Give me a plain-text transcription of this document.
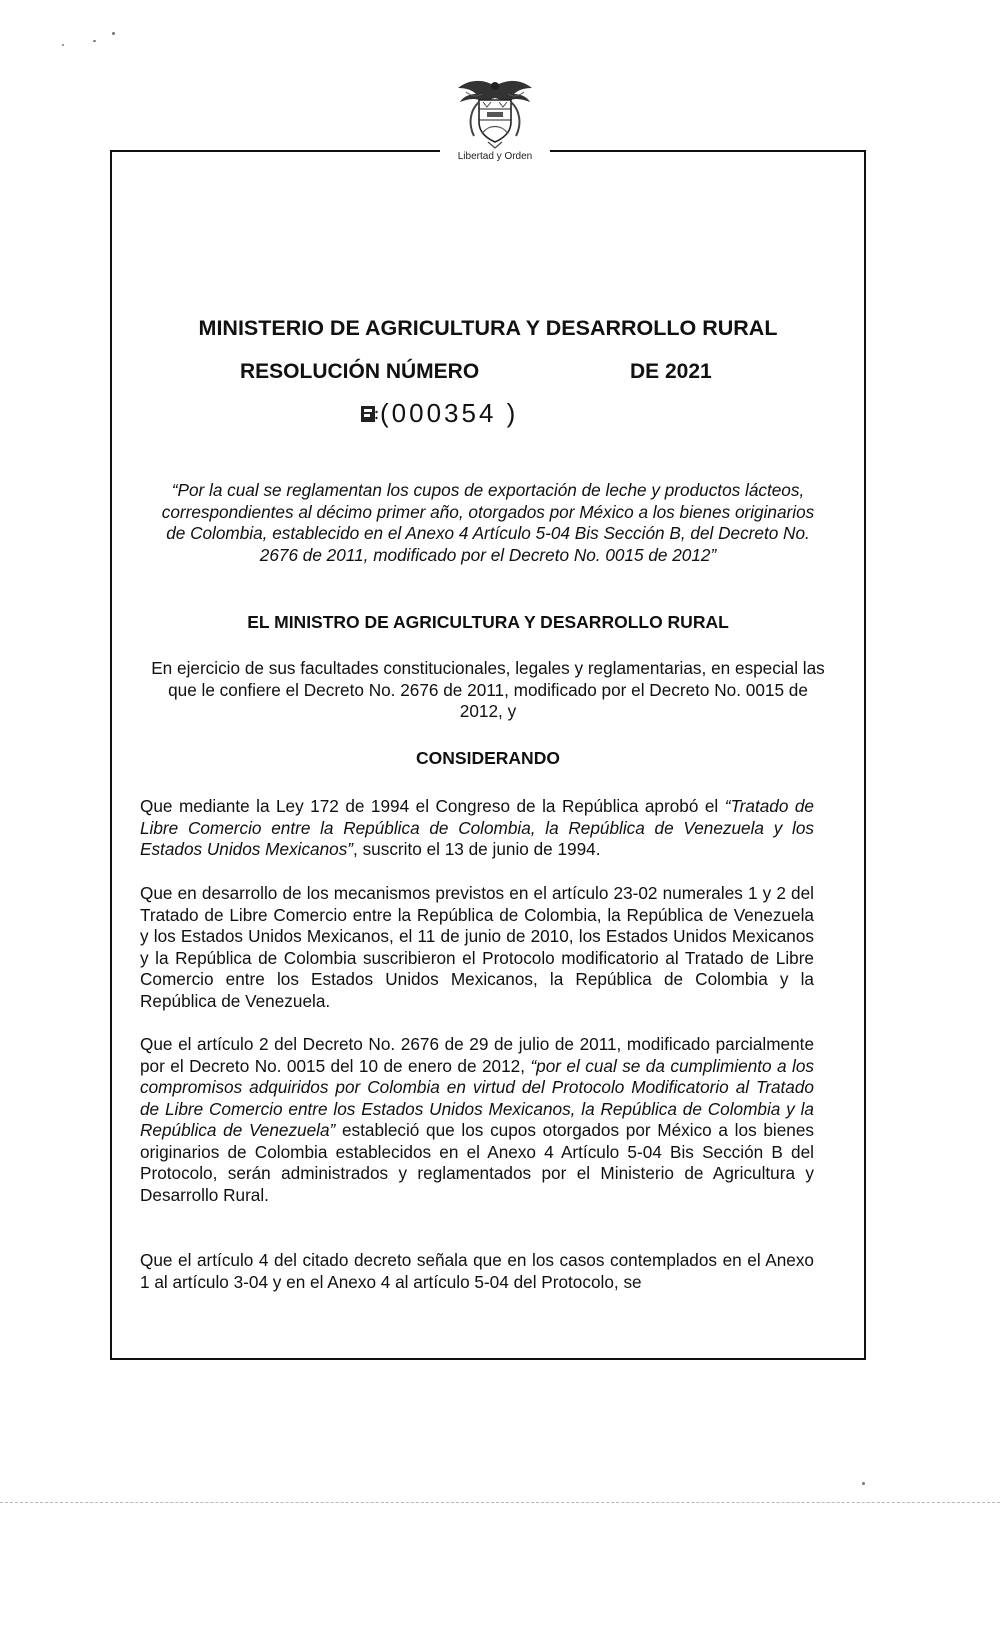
Libertad y Orden
MINISTERIO DE AGRICULTURA Y DESARROLLO RURAL
RESOLUCIÓN NÚMERO	DE 2021
(000354 )
“Por la cual se reglamentan los cupos de exportación de leche y productos lácteos, correspondientes al décimo primer año, otorgados por México a los bienes originarios de Colombia, establecido en el Anexo 4 Artículo 5-04 Bis Sección B, del Decreto No. 2676 de 2011, modificado por el Decreto No. 0015 de 2012”
EL MINISTRO DE AGRICULTURA Y DESARROLLO RURAL
En ejercicio de sus facultades constitucionales, legales y reglamentarias, en especial las que le confiere el Decreto No. 2676 de 2011, modificado por el Decreto No. 0015 de 2012, y
CONSIDERANDO
Que mediante la Ley 172 de 1994 el Congreso de la República aprobó el “Tratado de Libre Comercio entre la República de Colombia, la República de Venezuela y los Estados Unidos Mexicanos”, suscrito el 13 de junio de 1994.
Que en desarrollo de los mecanismos previstos en el artículo 23-02 numerales 1 y 2 del Tratado de Libre Comercio entre la República de Colombia, la República de Venezuela y los Estados Unidos Mexicanos, el 11 de junio de 2010, los Estados Unidos Mexicanos y la República de Colombia suscribieron el Protocolo modificatorio al Tratado de Libre Comercio entre los Estados Unidos Mexicanos, la República de Colombia y la República de Venezuela.
Que el artículo 2 del Decreto No. 2676 de 29 de julio de 2011, modificado parcialmente por el Decreto No. 0015 del 10 de enero de 2012, “por el cual se da cumplimiento a los compromisos adquiridos por Colombia en virtud del Protocolo Modificatorio al Tratado de Libre Comercio entre los Estados Unidos Mexicanos, la República de Colombia y la República de Venezuela” estableció que los cupos otorgados por México a los bienes originarios de Colombia establecidos en el Anexo 4 Artículo 5-04 Bis Sección B del Protocolo, serán administrados y reglamentados por el Ministerio de Agricultura y Desarrollo Rural.
Que el artículo 4 del citado decreto señala que en los casos contemplados en el Anexo 1 al artículo 3-04 y en el Anexo 4 al artículo 5-04 del Protocolo, se
